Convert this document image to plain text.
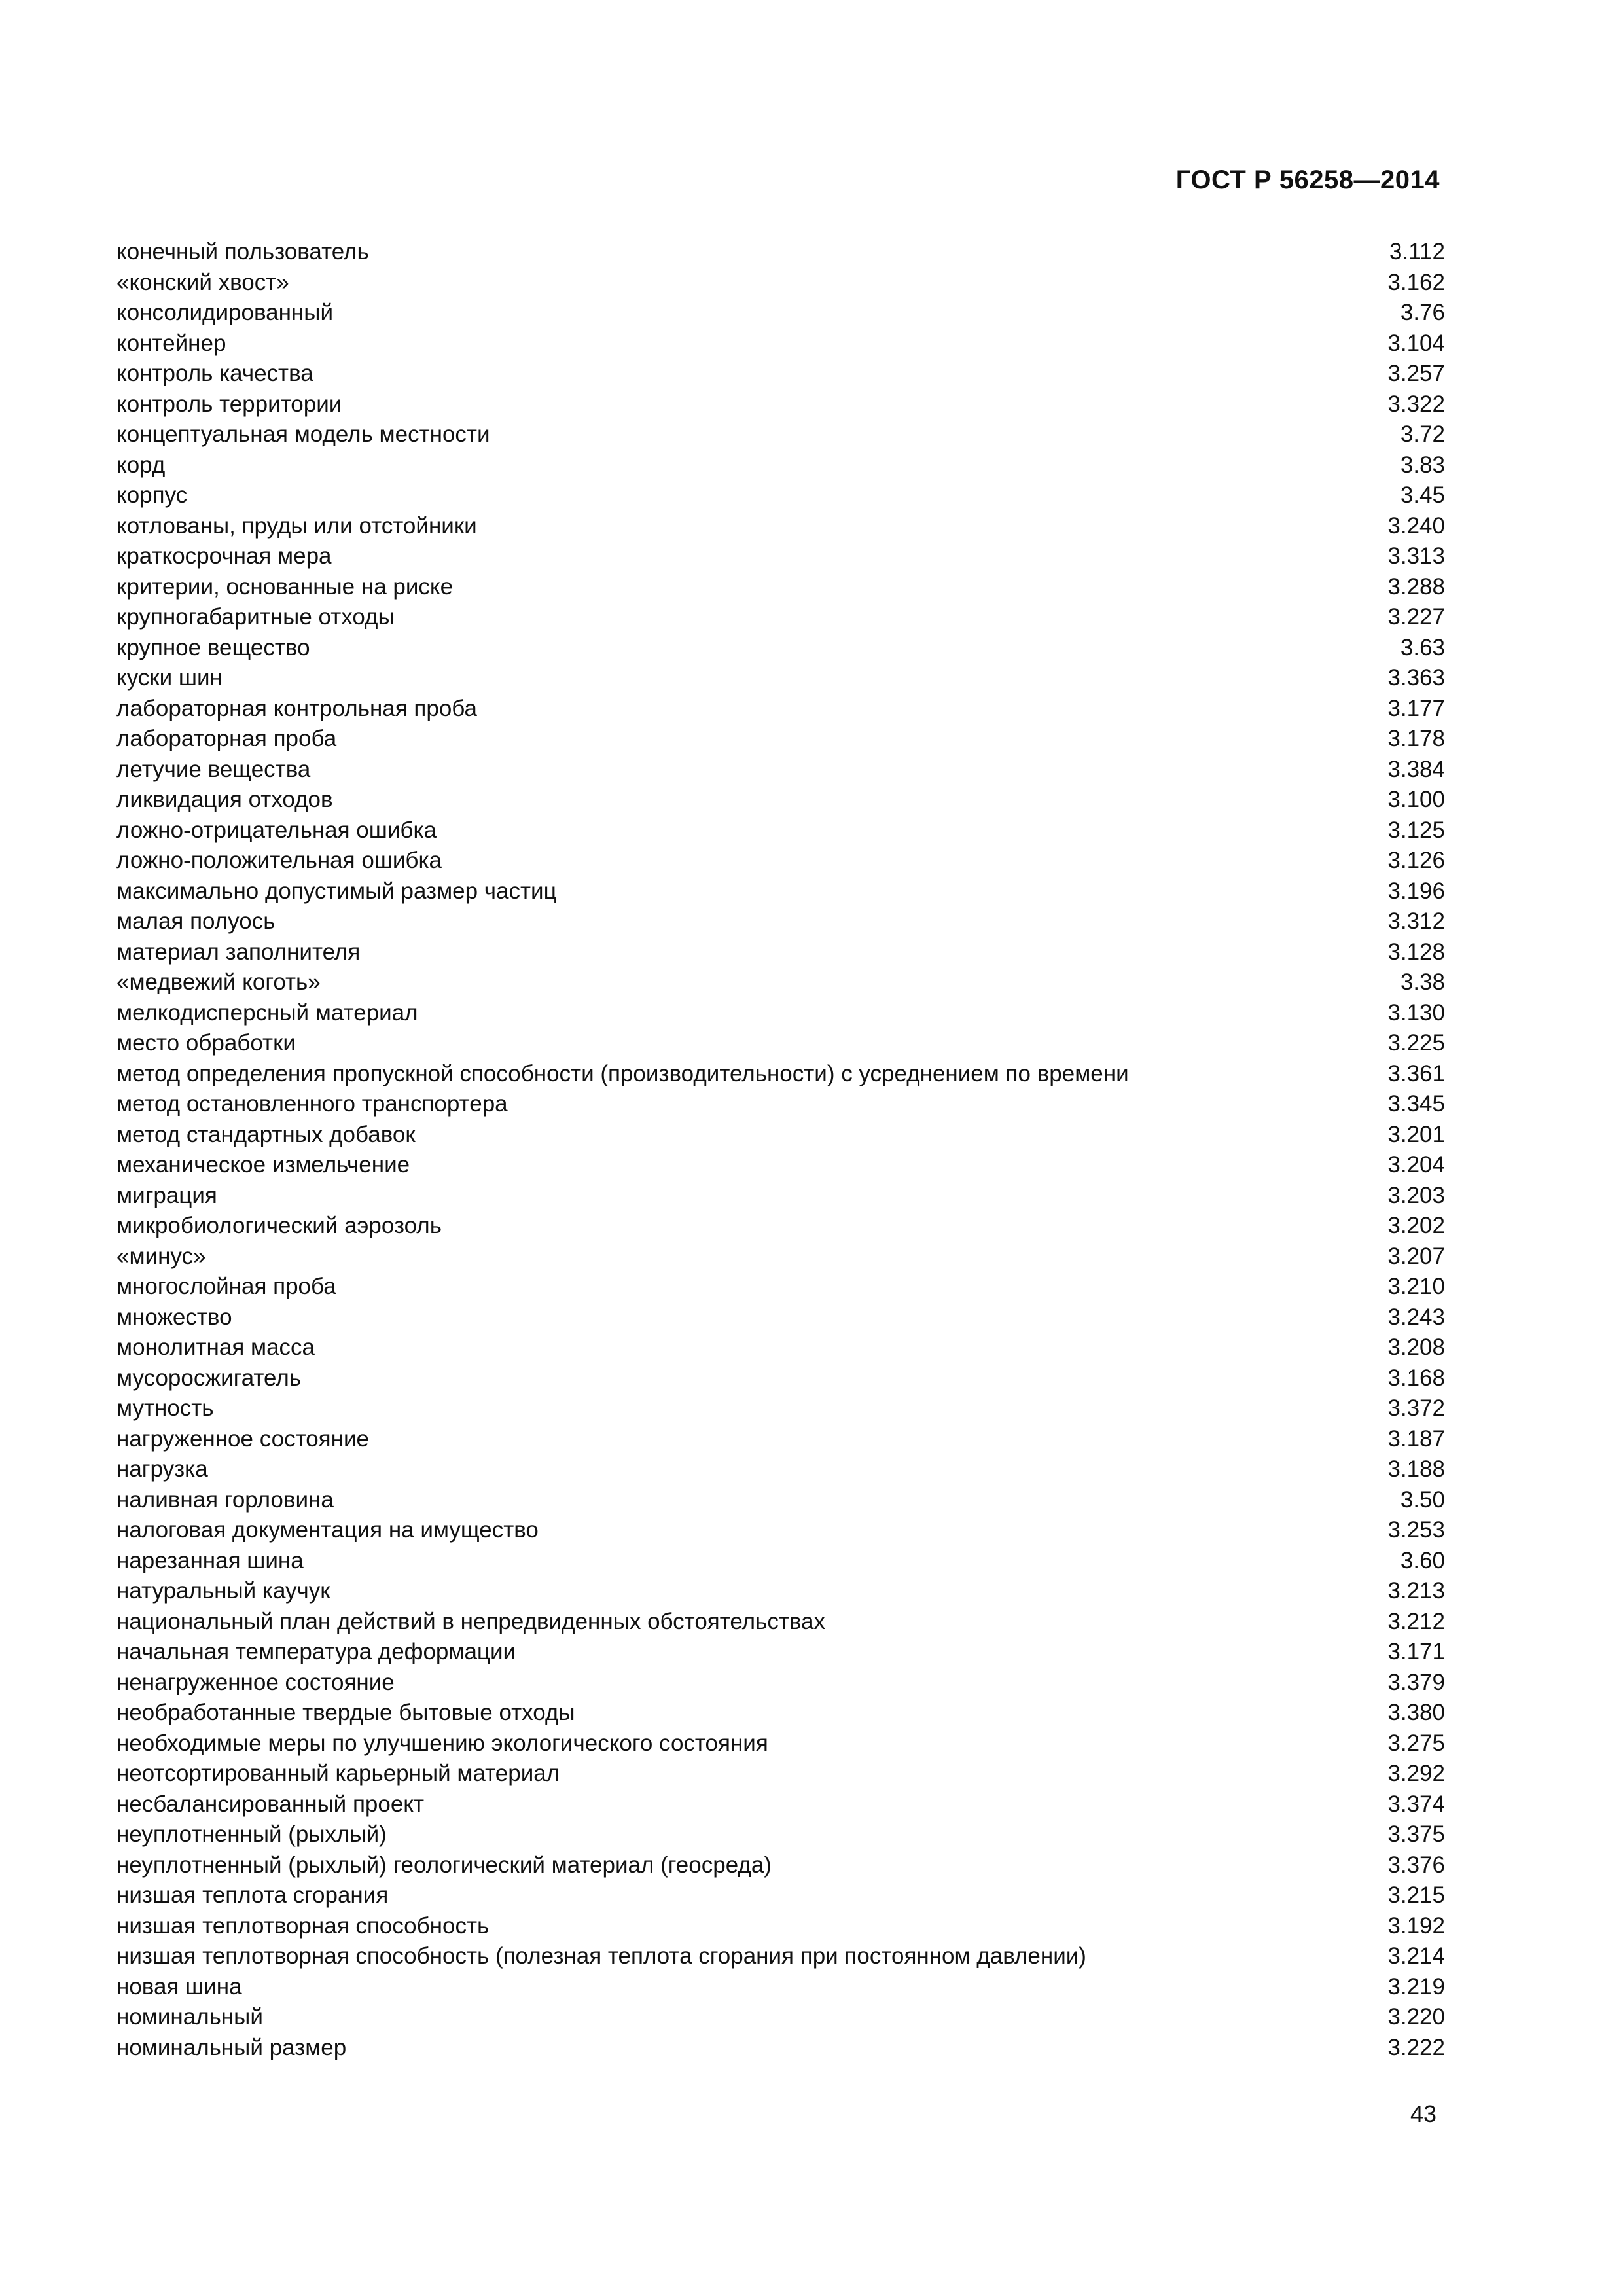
ГОСТ Р 56258—2014
конечный пользователь	3.112
«конский хвост»	3.162
консолидированный	3.76
контейнер	3.104
контроль качества	3.257
контроль территории	3.322
концептуальная модель местности	3.72
корд	3.83
корпус	3.45
котлованы, пруды или отстойники	3.240
краткосрочная мера	3.313
критерии, основанные на риске	3.288
крупногабаритные отходы	3.227
крупное вещество	3.63
куски шин	3.363
лабораторная контрольная проба	3.177
лабораторная проба	3.178
летучие вещества	3.384
ликвидация отходов	3.100
ложно-отрицательная ошибка	3.125
ложно-положительная ошибка	3.126
максимально допустимый размер частиц	3.196
малая полуось	3.312
материал заполнителя	3.128
«медвежий коготь»	3.38
мелкодисперсный материал	3.130
место обработки	3.225
метод определения пропускной способности (производительности) с усреднением по времени	3.361
метод остановленного транспортера	3.345
метод стандартных добавок	3.201
механическое измельчение	3.204
миграция	3.203
микробиологический аэрозоль	3.202
«минус»	3.207
многослойная проба	3.210
множество	3.243
монолитная масса	3.208
мусоросжигатель	3.168
мутность	3.372
нагруженное состояние	3.187
нагрузка	3.188
наливная горловина	3.50
налоговая документация на имущество	3.253
нарезанная шина	3.60
натуральный каучук	3.213
национальный план действий в непредвиденных обстоятельствах	3.212
начальная температура деформации	3.171
ненагруженное состояние	3.379
необработанные твердые бытовые отходы	3.380
необходимые меры по улучшению экологического состояния	3.275
неотсортированный карьерный материал	3.292
несбалансированный проект	3.374
неуплотненный (рыхлый)	3.375
неуплотненный (рыхлый) геологический материал (геосреда)	3.376
низшая теплота сгорания	3.215
низшая теплотворная способность	3.192
низшая теплотворная способность (полезная теплота сгорания при постоянном давлении)	3.214
новая шина	3.219
номинальный	3.220
номинальный размер	3.222
43
